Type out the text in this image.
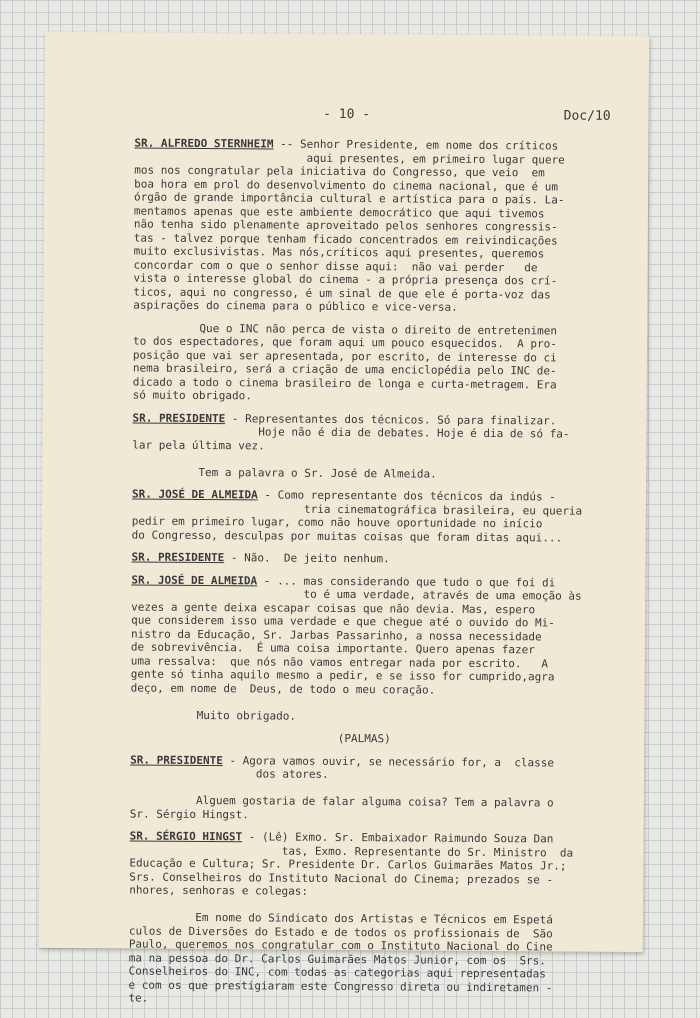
- 10 -	Doc/10
SR. ALFREDO STERNHEIM -- Senhor Presidente, em nome dos críticos
aqui presentes, em primeiro lugar quere
mos nos congratular pela iniciativa do Congresso, que veio  em
boa hora em prol do desenvolvimento do cinema nacional, que é um
órgão de grande importância cultural e artística para o país. La-
mentamos apenas que este ambiente democrático que aqui tivemos
não tenha sido plenamente aproveitado pelos senhores congressis-
tas - talvez porque tenham ficado concentrados em reivindicações
muito exclusivistas. Mas nós,críticos aqui presentes, queremos
concordar com o que o senhor disse aqui:  não vai perder   de
vista o interesse global do cinema - a própria presença dos crí-
ticos, aqui no congresso, é um sinal de que ele é porta-voz das
aspirações do cinema para o público e vice-versa.
Que o INC não perca de vista o direito de entretenimen
to dos espectadores, que foram aqui um pouco esquecidos.  A pro-
posição que vai ser apresentada, por escrito, de interesse do ci
nema brasileiro, será a criação de uma enciclopédia pelo INC de-
dicado a todo o cinema brasileiro de longa e curta-metragem. Era
só muito obrigado.
SR. PRESIDENTE - Representantes dos técnicos. Só para finalizar.
Hoje não é dia de debates. Hoje é dia de só fa-
lar pela última vez.

Tem a palavra o Sr. José de Almeida.
SR. JOSÉ DE ALMEIDA - Como representante dos técnicos da indús -
tria cinematográfica brasileira, eu queria
pedir em primeiro lugar, como não houve oportunidade no início
do Congresso, desculpas por muitas coisas que foram ditas aqui...
SR. PRESIDENTE - Não.  De jeito nenhum.
SR. JOSÉ DE ALMEIDA - ... mas considerando que tudo o que foi di
to é uma verdade, através de uma emoção às
vezes a gente deixa escapar coisas que não devia. Mas, espero
que considerem isso uma verdade e que chegue até o ouvido do Mi-
nistro da Educação, Sr. Jarbas Passarinho, a nossa necessidade
de sobrevivência.  É uma coisa importante. Quero apenas fazer
uma ressalva:  que nós não vamos entregar nada por escrito.   A
gente só tinha aquilo mesmo a pedir, e se isso for cumprido,agra
deço, em nome de  Deus, de todo o meu coração.

Muito obrigado.
(PALMAS)
SR. PRESIDENTE - Agora vamos ouvir, se necessário for, a  classe
dos atores.

Alguem gostaria de falar alguma coisa? Tem a palavra o
Sr. Sérgio Hingst.
SR. SÉRGIO HINGST - (Lê) Exmo. Sr. Embaixador Raimundo Souza Dan
tas, Exmo. Representante do Sr. Ministro  da
Educação e Cultura; Sr. Presidente Dr. Carlos Guimarães Matos Jr.;
Srs. Conselheiros do Instituto Nacional do Cinema; prezados se -
nhores, senhoras e colegas:

Em nome do Sindicato dos Artistas e Técnicos em Espetá
culos de Diversões do Estado e de todos os profissionais de  São
Paulo, queremos nos congratular com o Instituto Nacional do Cine
ma na pessoa do Dr. Carlos Guimarães Matos Junior, com os  Srs.
Conselheiros do INC, com todas as categorias aqui representadas
e com os que prestigiaram este Congresso direta ou indiretamen -
te.
